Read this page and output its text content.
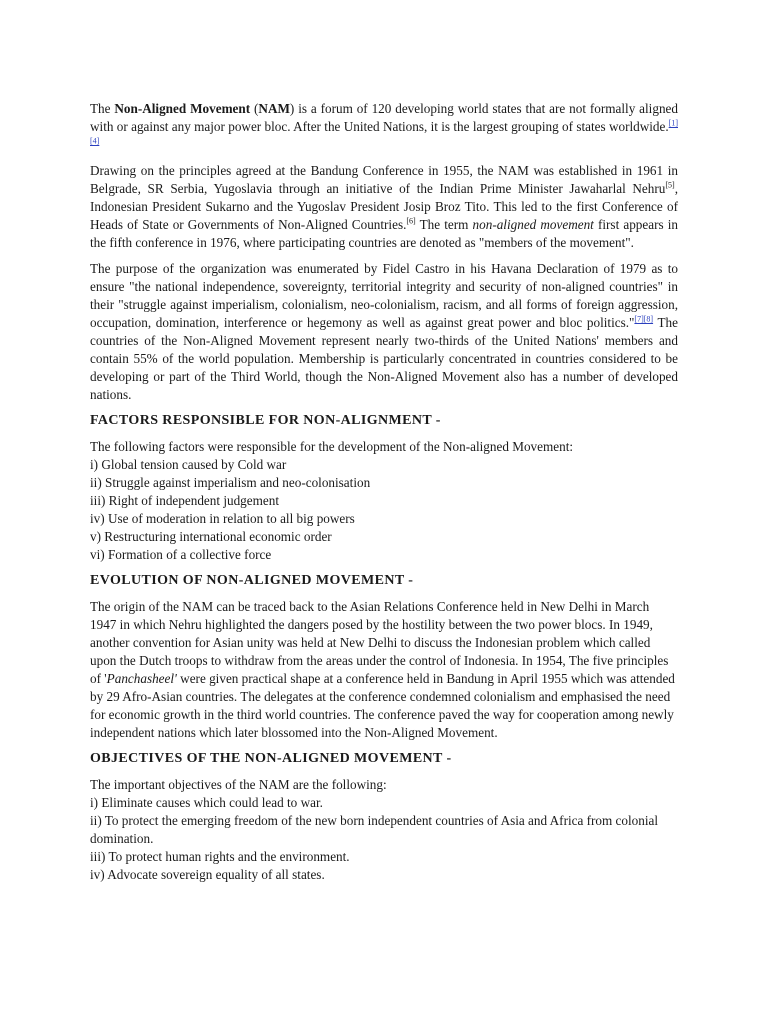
The Non-Aligned Movement (NAM) is a forum of 120 developing world states that are not formally aligned with or against any major power bloc. After the United Nations, it is the largest grouping of states worldwide.[1][4]

Drawing on the principles agreed at the Bandung Conference in 1955, the NAM was established in 1961 in Belgrade, SR Serbia, Yugoslavia through an initiative of the Indian Prime Minister Jawaharlal Nehru[5], Indonesian President Sukarno and the Yugoslav President Josip Broz Tito. This led to the first Conference of Heads of State or Governments of Non-Aligned Countries.[6] The term non-aligned movement first appears in the fifth conference in 1976, where participating countries are denoted as "members of the movement".

The purpose of the organization was enumerated by Fidel Castro in his Havana Declaration of 1979 as to ensure "the national independence, sovereignty, territorial integrity and security of non-aligned countries" in their "struggle against imperialism, colonialism, neo-colonialism, racism, and all forms of foreign aggression, occupation, domination, interference or hegemony as well as against great power and bloc politics."[7][8] The countries of the Non-Aligned Movement represent nearly two-thirds of the United Nations' members and contain 55% of the world population. Membership is particularly concentrated in countries considered to be developing or part of the Third World, though the Non-Aligned Movement also has a number of developed nations.

FACTORS RESPONSIBLE FOR NON-ALIGNMENT -
The following factors were responsible for the development of the Non-aligned Movement:
i) Global tension caused by Cold war
ii) Struggle against imperialism and neo-colonisation
iii) Right of independent judgement
iv) Use of moderation in relation to all big powers
v) Restructuring international economic order
vi) Formation of a collective force
EVOLUTION OF NON-ALIGNED MOVEMENT -

The origin of the NAM can be traced back to the Asian Relations Conference held in New Delhi in March 1947 in which Nehru highlighted the dangers posed by the hostility between the two power blocs. In 1949, another convention for Asian unity was held at New Delhi to discuss the Indonesian problem which called upon the Dutch troops to withdraw from the areas under the control of Indonesia. In 1954, The five principles of 'Panchasheel' were given practical shape at a conference held in Bandung in April 1955 which was attended by 29 Afro-Asian countries. The delegates at the conference condemned colonialism and emphasised the need for economic growth in the third world countries. The conference paved the way for cooperation among newly independent nations which later blossomed into the Non-Aligned Movement.

OBJECTIVES OF THE NON-ALIGNED MOVEMENT -
The important objectives of the NAM are the following:
i) Eliminate causes which could lead to war.
ii) To protect the emerging freedom of the new born independent countries of Asia and Africa from colonial domination.
iii) To protect human rights and the environment.
iv) Advocate sovereign equality of all states.
